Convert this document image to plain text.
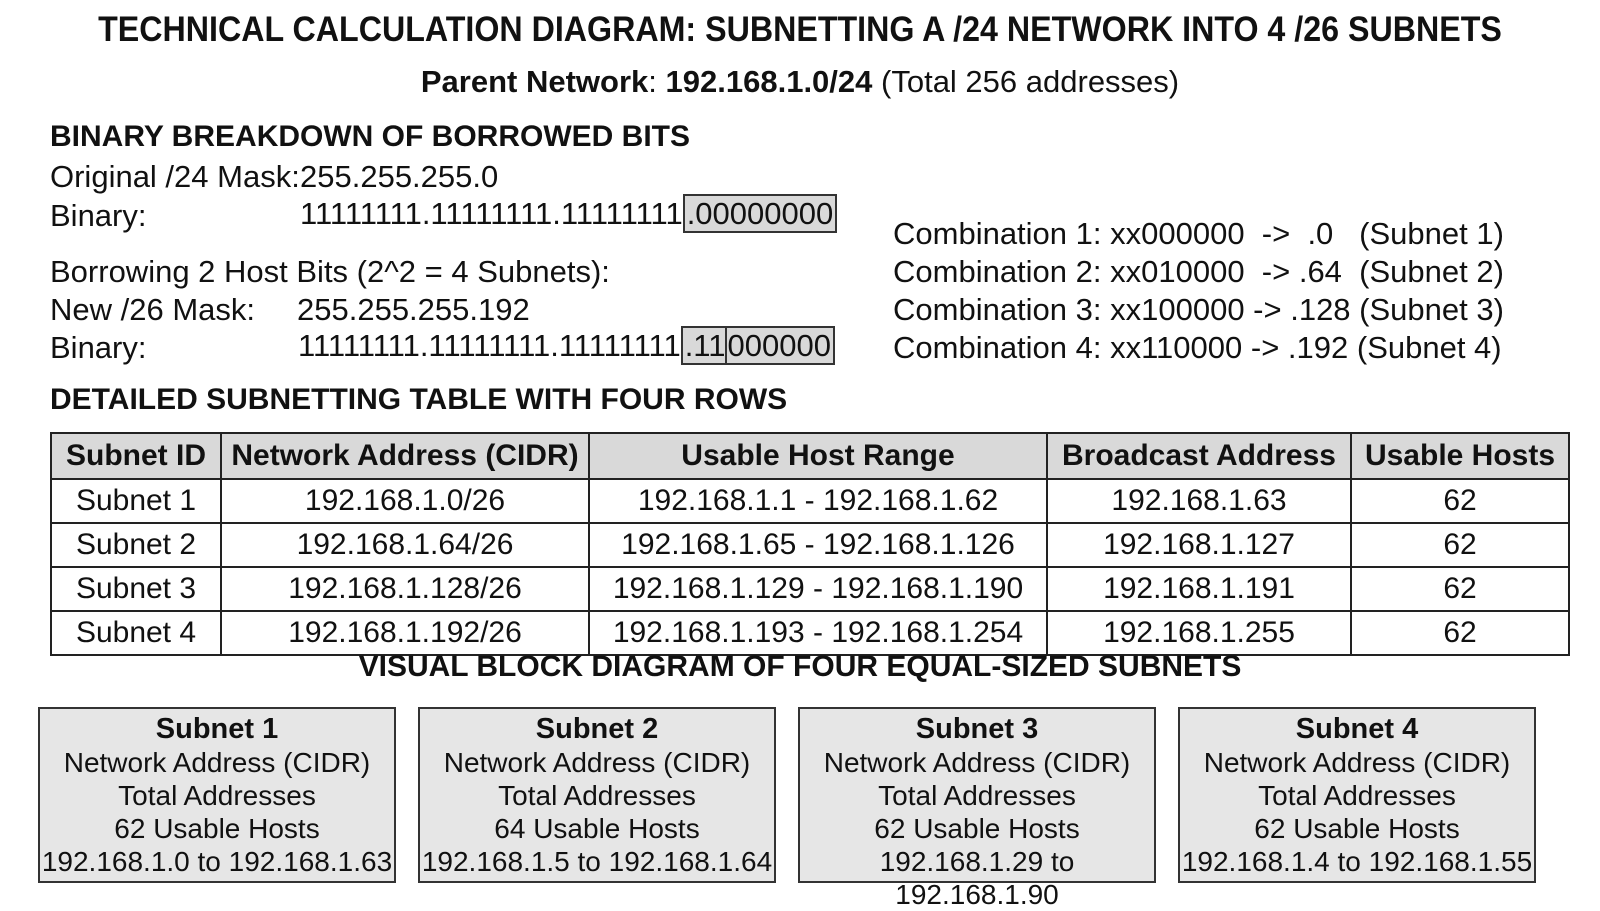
TECHNICAL CALCULATION DIAGRAM: SUBNETTING A /24 NETWORK INTO 4 /26 SUBNETS
Parent Network: 192.168.1.0/24 (Total 256 addresses)
BINARY BREAKDOWN OF BORROWED BITS
Original /24 Mask: 255.255.255.0
Binary:	11111111.11111111.11111111 .00000000
Borrowing 2 Host Bits (2^2 = 4 Subnets):
New /26 Mask: 255.255.255.192
Binary:	11111111.11111111.11111111 .11000000
Combination 1: xx000000  ->  .0   (Subnet 1)
Combination 2: xx010000  -> .64  (Subnet 2)
Combination 3: xx100000 -> .128 (Subnet 3)
Combination 4: xx110000 -> .192 (Subnet 4)
DETAILED SUBNETTING TABLE WITH FOUR ROWS
Subnet ID	Network Address (CIDR)	Usable Host Range	Broadcast Address	Usable Hosts
Subnet 1	192.168.1.0/26	192.168.1.1 - 192.168.1.62	192.168.1.63	62
Subnet 2	192.168.1.64/26	192.168.1.65 - 192.168.1.126	192.168.1.127	62
Subnet 3	192.168.1.128/26	192.168.1.129 - 192.168.1.190	192.168.1.191	62
Subnet 4	192.168.1.192/26	192.168.1.193 - 192.168.1.254	192.168.1.255	62
VISUAL BLOCK DIAGRAM OF FOUR EQUAL-SIZED SUBNETS
Subnet 1
Network Address (CIDR)
Total Addresses
62 Usable Hosts
192.168.1.0 to 192.168.1.63
Subnet 2
Network Address (CIDR)
Total Addresses
64 Usable Hosts
192.168.1.5 to 192.168.1.64
Subnet 3
Network Address (CIDR)
Total Addresses
62 Usable Hosts
192.168.1.29 to 192.168.1.90
Subnet 4
Network Address (CIDR)
Total Addresses
62 Usable Hosts
192.168.1.4 to 192.168.1.55
